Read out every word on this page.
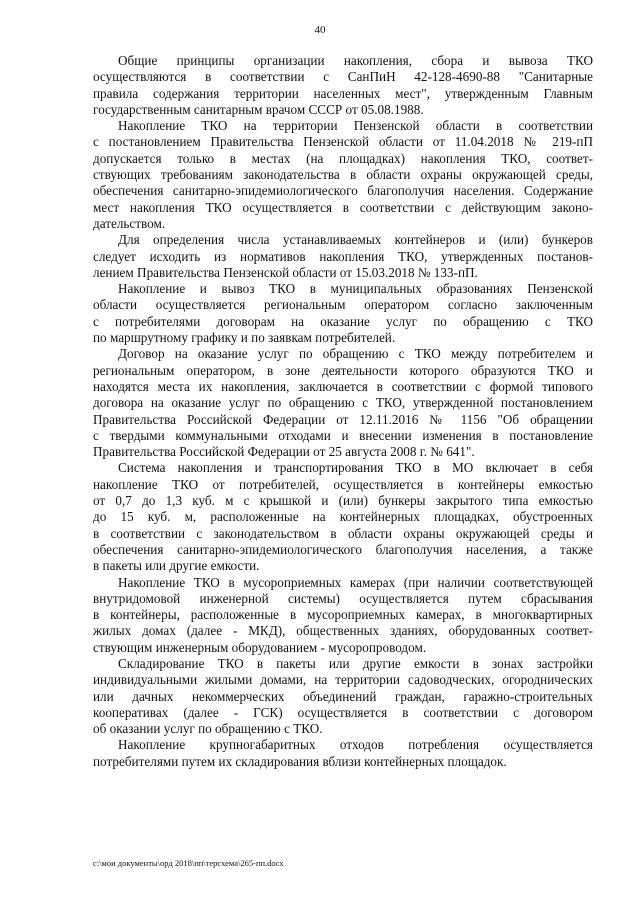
40
Общие принципы организации накопления, сбора и вывоза ТКО
осуществляются в соответствии с СанПиН 42-128-4690-88 "Санитарные
правила содержания территории населенных мест", утвержденным Главным
государственным санитарным врачом СССР от 05.08.1988.
Накопление ТКО на территории Пензенской области в соответствии
с постановлением Правительства Пензенской области от 11.04.2018 № 219-пП
допускается только в местах (на площадках) накопления ТКО, соответ-
ствующих требованиям законодательства в области охраны окружающей среды,
обеспечения санитарно-эпидемиологического благополучия населения. Содержание
мест накопления ТКО осуществляется в соответствии с действующим законо-
дательством.
Для определения числа устанавливаемых контейнеров и (или) бункеров
следует исходить из нормативов накопления ТКО, утвержденных постанов-
лением Правительства Пензенской области от 15.03.2018 № 133-пП.
Накопление и вывоз ТКО в муниципальных образованиях Пензенской
области осуществляется региональным оператором согласно заключенным
с потребителями договорам на оказание услуг по обращению с ТКО
по маршрутному графику и по заявкам потребителей.
Договор на оказание услуг по обращению с ТКО между потребителем и
региональным оператором, в зоне деятельности которого образуются ТКО и
находятся места их накопления, заключается в соответствии с формой типового
договора на оказание услуг по обращению с ТКО, утвержденной постановлением
Правительства Российской Федерации от 12.11.2016 № 1156 "Об обращении
с твердыми коммунальными отходами и внесении изменения в постановление
Правительства Российской Федерации от 25 августа 2008 г. № 641".
Система накопления и транспортирования ТКО в МО включает в себя
накопление ТКО от потребителей, осуществляется в контейнеры емкостью
от 0,7 до 1,3 куб. м с крышкой и (или) бункеры закрытого типа емкостью
до 15 куб. м, расположенные на контейнерных площадках, обустроенных
в соответствии с законодательством в области охраны окружающей среды и
обеспечения санитарно-эпидемиологического благополучия населения, а также
в пакеты или другие емкости.
Накопление ТКО в мусороприемных камерах (при наличии соответствующей
внутридомовой инженерной системы) осуществляется путем сбрасывания
в контейнеры, расположенные в мусороприемных камерах, в многоквартирных
жилых домах (далее - МКД), общественных зданиях, оборудованных соответ-
ствующим инженерным оборудованием - мусоропроводом.
Складирование ТКО в пакеты или другие емкости в зонах застройки
индивидуальными жилыми домами, на территории садоводческих, огороднических
или дачных некоммерческих объединений граждан, гаражно-строительных
кооперативах (далее - ГСК) осуществляется в соответствии с договором
об оказании услуг по обращению с ТКО.
Накопление крупногабаритных отходов потребления осуществляется
потребителями путем их складирования вблизи контейнерных площадок.
c:\мои документы\орд 2018\пп\терсхема\265-пп.docx
